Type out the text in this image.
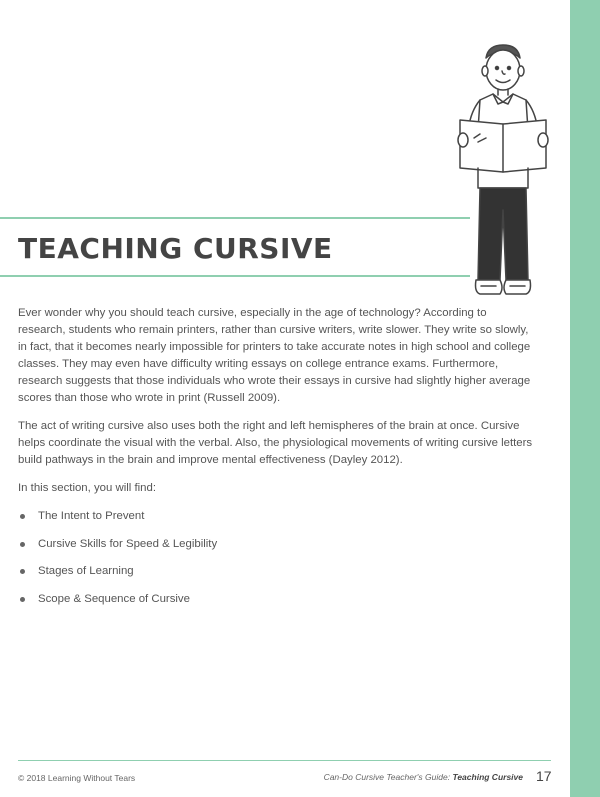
TEACHING CURSIVE

Ever wonder why you should teach cursive, especially in the age of technology? According to research, students who remain printers, rather than cursive writers, write slower. They write so slowly, in fact, that it becomes nearly impossible for printers to take accurate notes in high school and college classes. They may even have difficulty writing essays on college entrance exams. Furthermore, research suggests that those individuals who wrote their essays in cursive had slightly higher average scores than those who wrote in print (Russell 2009).

The act of writing cursive also uses both the right and left hemispheres of the brain at once. Cursive helps coordinate the visual with the verbal. Also, the physiological movements of writing cursive letters build pathways in the brain and improve mental effectiveness (Dayley 2012).

In this section, you will find:

The Intent to Prevent
Cursive Skills for Speed & Legibility
Stages of Learning
Scope & Sequence of Cursive
© 2018 Learning Without Tears	Can-Do Cursive Teacher's Guide: Teaching Cursive 17
